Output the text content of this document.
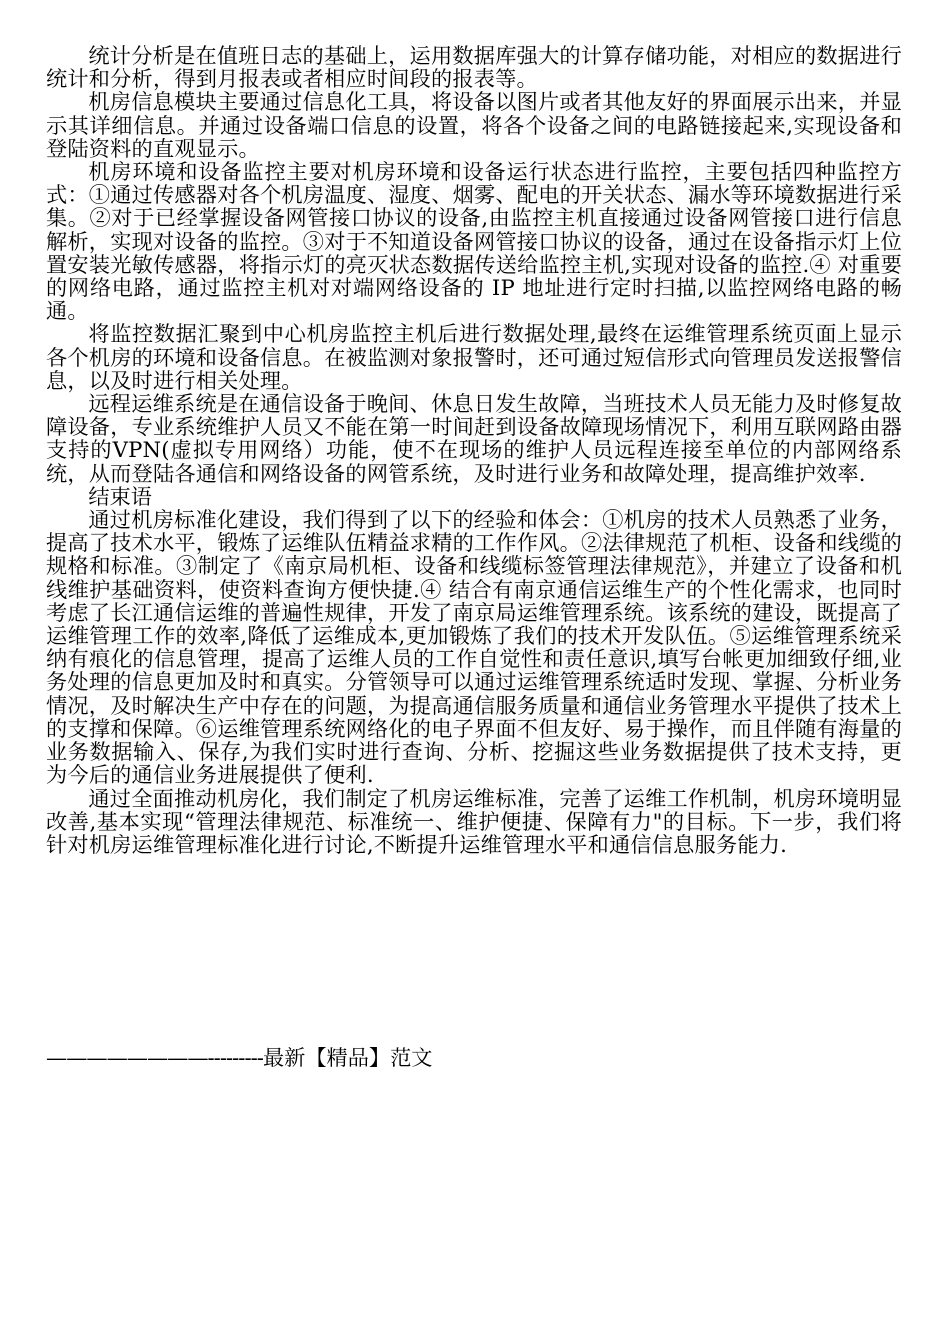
统计分析是在值班日志的基础上，运用数据库强大的计算存储功能，对相应的数据进行统计和分析，得到月报表或者相应时间段的报表等。

机房信息模块主要通过信息化工具，将设备以图片或者其他友好的界面展示出来，并显示其详细信息。并通过设备端口信息的设置，将各个设备之间的电路链接起来,实现设备和登陆资料的直观显示。

机房环境和设备监控主要对机房环境和设备运行状态进行监控，主要包括四种监控方式：①通过传感器对各个机房温度、湿度、烟雾、配电的开关状态、漏水等环境数据进行采集。②对于已经掌握设备网管接口协议的设备,由监控主机直接通过设备网管接口进行信息解析，实现对设备的监控。③对于不知道设备网管接口协议的设备，通过在设备指示灯上位置安装光敏传感器，将指示灯的亮灭状态数据传送给监控主机,实现对设备的监控.④ 对重要的网络电路，通过监控主机对对端网络设备的 IP 地址进行定时扫描,以监控网络电路的畅通。

将监控数据汇聚到中心机房监控主机后进行数据处理,最终在运维管理系统页面上显示各个机房的环境和设备信息。在被监测对象报警时，还可通过短信形式向管理员发送报警信息，以及时进行相关处理。

远程运维系统是在通信设备于晚间、休息日发生故障，当班技术人员无能力及时修复故障设备，专业系统维护人员又不能在第一时间赶到设备故障现场情况下，利用互联网路由器支持的VPN(虚拟专用网络）功能，使不在现场的维护人员远程连接至单位的内部网络系统，从而登陆各通信和网络设备的网管系统，及时进行业务和故障处理，提高维护效率.

结束语

通过机房标准化建设，我们得到了以下的经验和体会：①机房的技术人员熟悉了业务，提高了技术水平，锻炼了运维队伍精益求精的工作作风。②法律规范了机柜、设备和线缆的规格和标准。③制定了《南京局机柜、设备和线缆标签管理法律规范》，并建立了设备和机线维护基础资料，使资料查询方便快捷.④ 结合有南京通信运维生产的个性化需求，也同时考虑了长江通信运维的普遍性规律，开发了南京局运维管理系统。该系统的建设，既提高了运维管理工作的效率,降低了运维成本,更加锻炼了我们的技术开发队伍。⑤运维管理系统采纳有痕化的信息管理，提高了运维人员的工作自觉性和责任意识,填写台帐更加细致仔细,业务处理的信息更加及时和真实。分管领导可以通过运维管理系统适时发现、掌握、分析业务情况，及时解决生产中存在的问题，为提高通信服务质量和通信业务管理水平提供了技术上的支撑和保障。⑥运维管理系统网络化的电子界面不但友好、易于操作，而且伴随有海量的业务数据输入、保存,为我们实时进行查询、分析、挖掘这些业务数据提供了技术支持，更为今后的通信业务进展提供了便利.

通过全面推动机房化，我们制定了机房运维标准，完善了运维工作机制，机房环境明显改善,基本实现“管理法律规范、标准统一、维护便捷、保障有力"的目标。下一步，我们将针对机房运维管理标准化进行讨论,不断提升运维管理水平和通信信息服务能力.

————————---------最新【精品】范文
